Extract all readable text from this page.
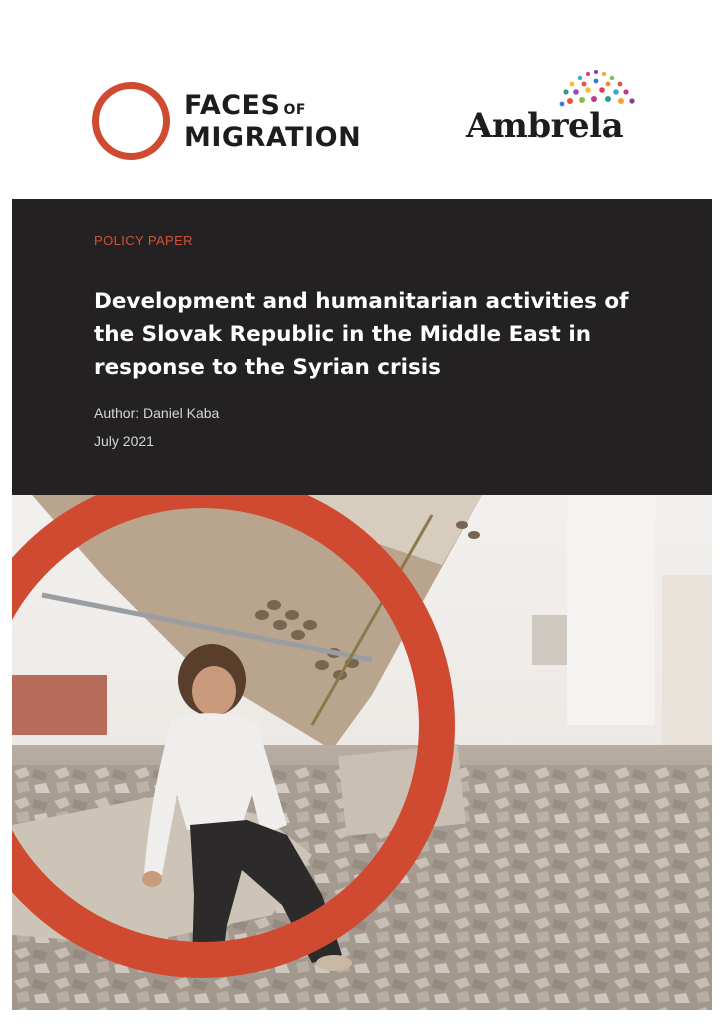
FACES OF
MIGRATION	Ambrela
POLICY PAPER
Development and humanitarian activities of the Slovak Republic in the Middle East in response to the Syrian crisis
Author: Daniel Kaba
July 2021
